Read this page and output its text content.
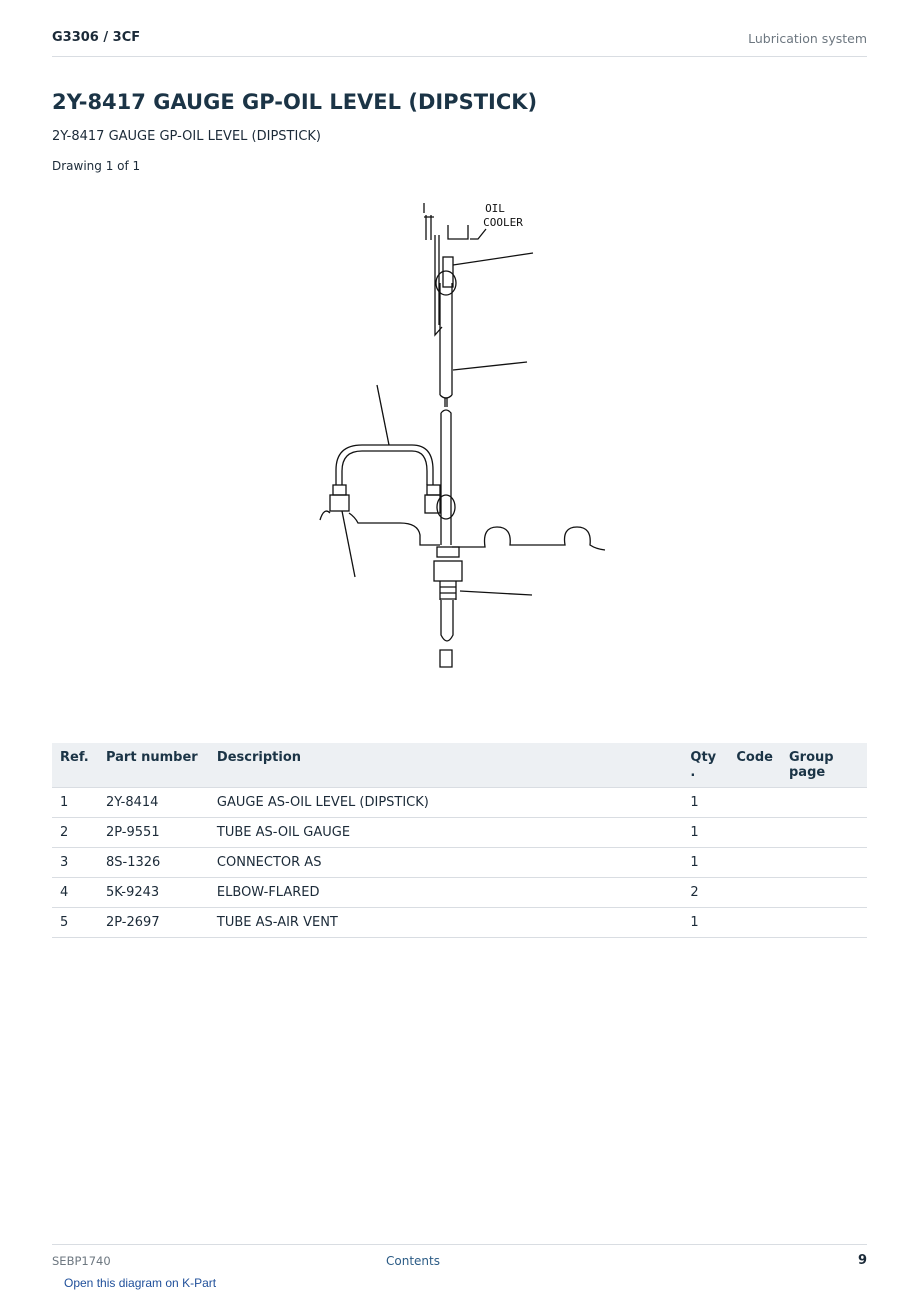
G3306 / 3CF	Lubrication system
2Y-8417 GAUGE GP-OIL LEVEL (DIPSTICK)
2Y-8417 GAUGE GP-OIL LEVEL (DIPSTICK)
Drawing 1 of 1
OIL
COOLER
Ref.	Part number	Description	Qty .	Code	Group page
1	2Y-8414	GAUGE AS-OIL LEVEL (DIPSTICK)	1		
2	2P-9551	TUBE AS-OIL GAUGE	1		
3	8S-1326	CONNECTOR AS	1		
4	5K-9243	ELBOW-FLARED	2		
5	2P-2697	TUBE AS-AIR VENT	1		
SEBP1740	Contents	9
Open this diagram on K-Part
